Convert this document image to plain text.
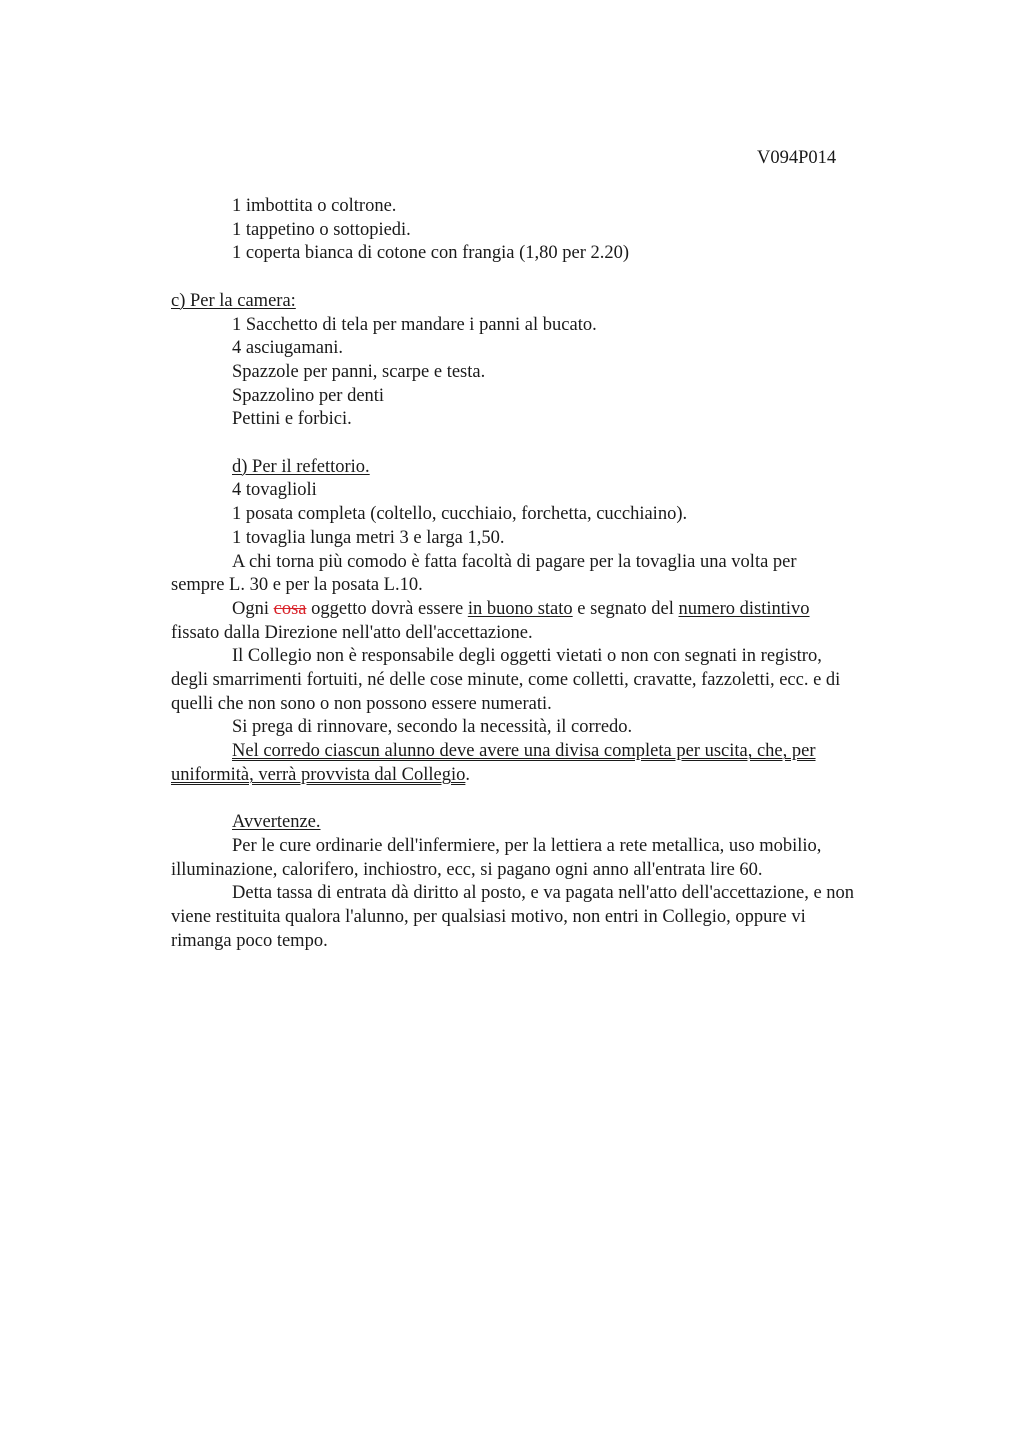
V094P014
1 imbottita o coltrone.
1 tappetino o sottopiedi.
1 coperta bianca di cotone con frangia (1,80 per 2.20)
c) Per la camera:
1 Sacchetto di tela per mandare i panni al bucato.
4 asciugamani.
Spazzole per panni, scarpe e testa.
Spazzolino per denti
Pettini e forbici.
d) Per il refettorio.
4 tovaglioli
1 posata completa (coltello, cucchiaio, forchetta, cucchiaino).
1 tovaglia lunga metri 3 e larga 1,50.
A chi torna più comodo è fatta facoltà di pagare per la tovaglia una volta per
sempre L. 30 e per la posata L.10.
Ogni cosa oggetto dovrà essere in buono stato e segnato del numero distintivo
fissato dalla Direzione nell'atto dell'accettazione.
Il Collegio non è responsabile degli oggetti vietati o non con segnati in registro,
degli smarrimenti fortuiti, né delle cose minute, come colletti, cravatte, fazzoletti, ecc. e di
quelli che non sono o non possono essere numerati.
Si prega di rinnovare, secondo la necessità, il corredo.
Nel corredo ciascun alunno deve avere una divisa completa per uscita, che, per
uniformità, verrà provvista dal Collegio.
Avvertenze.
Per le cure ordinarie dell'infermiere, per la lettiera a rete metallica, uso mobilio,
illuminazione, calorifero, inchiostro, ecc, si pagano ogni anno all'entrata lire 60.
Detta tassa di entrata dà diritto al posto, e va pagata nell'atto dell'accettazione, e non
viene restituita qualora l'alunno, per qualsiasi motivo, non entri in Collegio, oppure vi
rimanga poco tempo.
